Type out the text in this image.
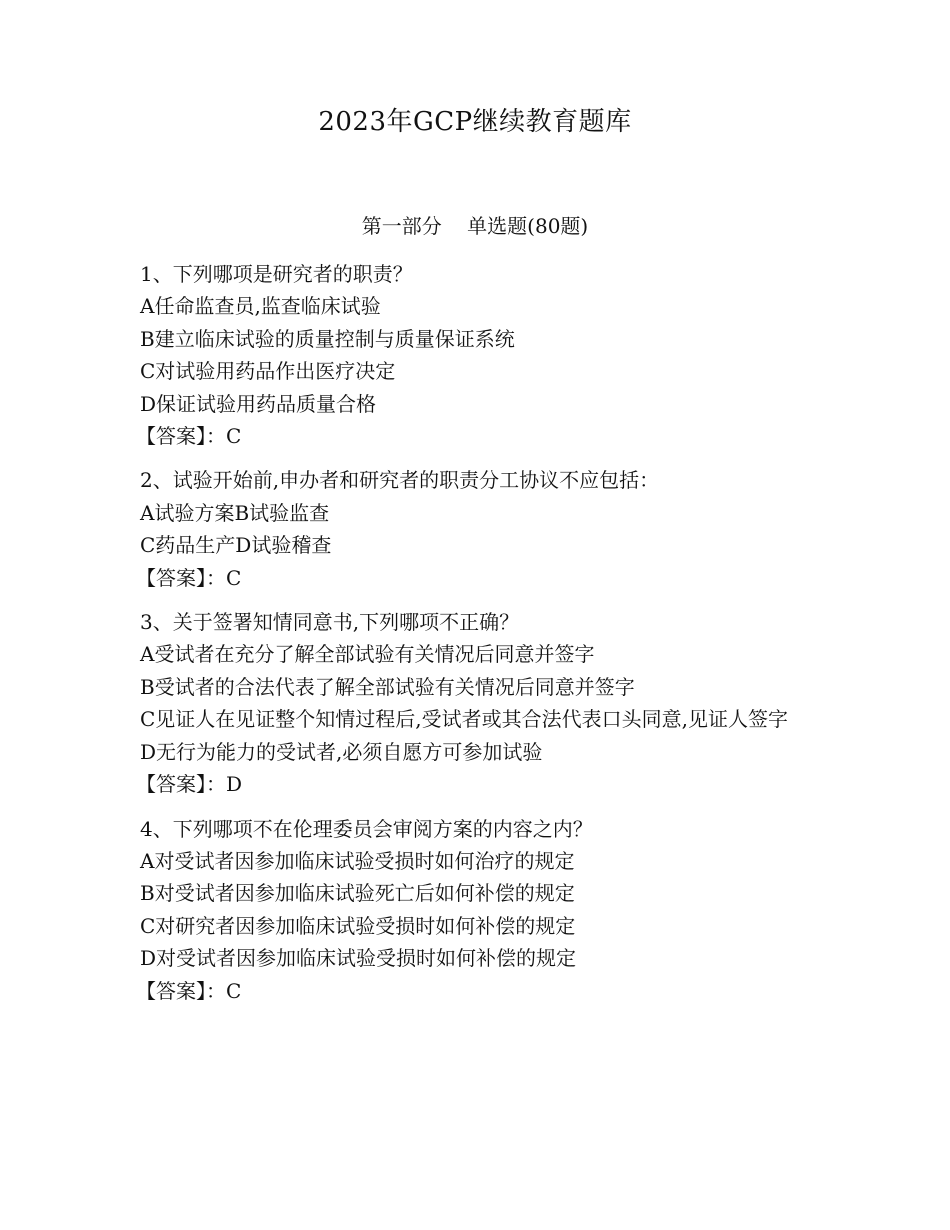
2023年GCP继续教育题库
第一部分    单选题(80题)

1、下列哪项是研究者的职责？

A任命监查员,监查临床试验

B建立临床试验的质量控制与质量保证系统

C对试验用药品作出医疗决定

D保证试验用药品质量合格

【答案】：C

2、试验开始前,申办者和研究者的职责分工协议不应包括：

A试验方案B试验监查

C药品生产D试验稽查

【答案】：C

3、关于签署知情同意书,下列哪项不正确？

A受试者在充分了解全部试验有关情况后同意并签字

B受试者的合法代表了解全部试验有关情况后同意并签字

C见证人在见证整个知情过程后,受试者或其合法代表口头同意,见证人签字

D无行为能力的受试者,必须自愿方可参加试验

【答案】：D

4、下列哪项不在伦理委员会审阅方案的内容之内？

A对受试者因参加临床试验受损时如何治疗的规定

B对受试者因参加临床试验死亡后如何补偿的规定

C对研究者因参加临床试验受损时如何补偿的规定

D对受试者因参加临床试验受损时如何补偿的规定

【答案】：C
